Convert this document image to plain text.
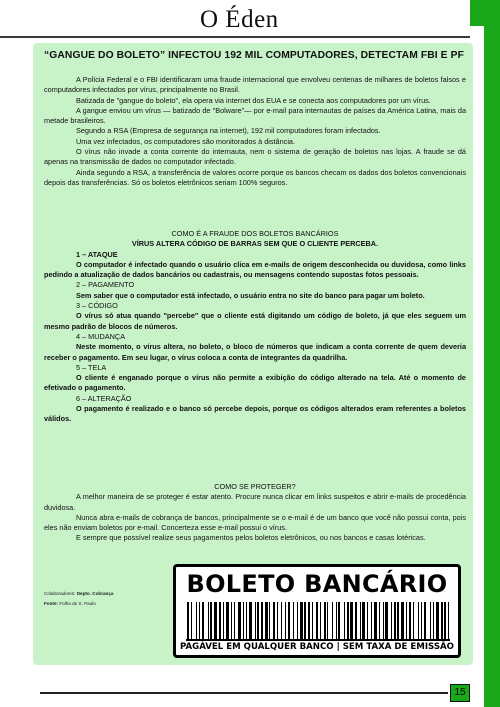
O Éden
“GANGUE DO BOLETO” INFECTOU 192 MIL COMPUTADORES, DETECTAM FBI E PF

A Polícia Federal e o FBI identificaram uma fraude internacional que envolveu centenas de milhares de boletos falsos e computadores infectados por vírus, principalmente no Brasil.

Batizada de "gangue do boleto", ela opera via internet dos EUA e se conecta aos computadores por um vírus.

A gangue enviou um vírus — batizado de "Bolware"— por e-mail para internautas de países da América Latina, mais da metade brasileiros.

Segundo a RSA (Empresa de segurança na internet), 192 mil computadores foram infectados.

Uma vez infectados, os computadores são monitorados à distância.

O vírus não invade a conta corrente do internauta, nem o sistema de geração de boletos nas lojas. A fraude se dá apenas na transmissão de dados no computador infectado.

Ainda segundo a RSA, a transferência de valores ocorre porque os bancos checam os dados dos boletos convencionais depois das transferências. Só os boletos eletrônicos seriam 100% seguros.

COMO É A FRAUDE DOS BOLETOS BANCÁRIOS

VÍRUS ALTERA CÓDIGO DE BARRAS SEM QUE O CLIENTE PERCEBA.

1 – ATAQUE

O computador é infectado quando o usuário clica em e-mails de origem desconhecida ou duvidosa, como links pedindo a atualização de dados bancários ou cadastrais, ou mensagens contendo supostas fotos pessoais.

2 – PAGAMENTO

Sem saber que o computador está infectado, o usuário entra no site do banco para pagar um boleto.

3 – CÓDIGO

O vírus só atua quando "percebe" que o cliente está digitando um código de boleto, já que eles seguem um mesmo padrão de blocos de números.

4 – MUDANÇA

Neste momento, o vírus altera, no boleto, o bloco de números que indicam a conta corrente de quem deveria receber o pagamento. Em seu lugar, o vírus coloca a conta de integrantes da quadrilha.

5 – TELA

O cliente é enganado porque o vírus não permite a exibição do código alterado na tela. Até o momento de efetivado o pagamento.

6 – ALTERAÇÃO

O pagamento é realizado e o banco só percebe depois, porque os códigos alterados eram referentes a boletos válidos.

COMO SE PROTEGER?

A melhor maneira de se proteger é estar atento. Procure nunca clicar em links suspeitos e abrir e-mails de procedência duvidosa.

Nunca abra e-mails de cobrança de bancos, principalmente se o e-mail é de um banco que você não possui conta, pois eles não enviam boletos por e-mail. Concerteza esse e-mail possui o vírus.

E sempre que possível realize seus pagamentos pelos boletos eletrônicos, ou nos bancos e casas lotéricas.

Colaboradores: Depto. Cobrança
Fonte: Folha de S. Paulo
BOLETO BANCÁRIO
PAGÁVEL EM QUALQUER BANCO | SEM TAXA DE EMISSÃO
15
